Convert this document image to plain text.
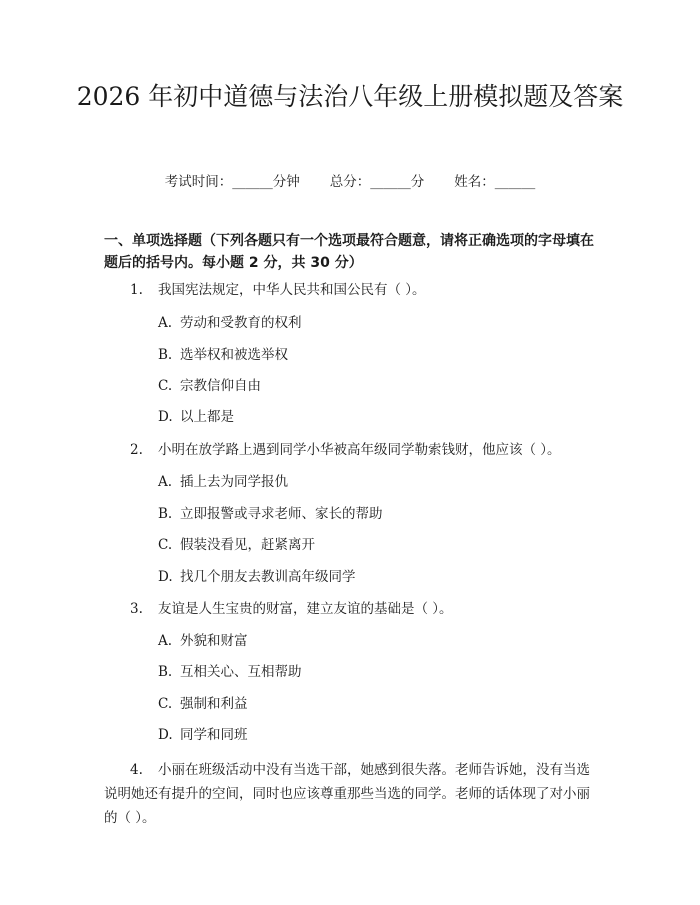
2026 年初中道德与法治八年级上册模拟题及答案
考试时间：______分钟 总分：______分 姓名：______

一、单项选择题（下列各题只有一个选项最符合题意，请将正确选项的字母填在题后的括号内。每小题 2 分，共 30 分）

1. 我国宪法规定，中华人民共和国公民有（ ）。
A. 劳动和受教育的权利
B. 选举权和被选举权
C. 宗教信仰自由
D. 以上都是
2. 小明在放学路上遇到同学小华被高年级同学勒索钱财，他应该（ ）。
A. 插上去为同学报仇
B. 立即报警或寻求老师、家长的帮助
C. 假装没看见，赶紧离开
D. 找几个朋友去教训高年级同学
3. 友谊是人生宝贵的财富，建立友谊的基础是（ ）。
A. 外貌和财富
B. 互相关心、互相帮助
C. 强制和利益
D. 同学和同班
4. 小丽在班级活动中没有当选干部，她感到很失落。老师告诉她，没有当选说明她还有提升的空间，同时也应该尊重那些当选的同学。老师的话体现了对小丽的（ ）。
